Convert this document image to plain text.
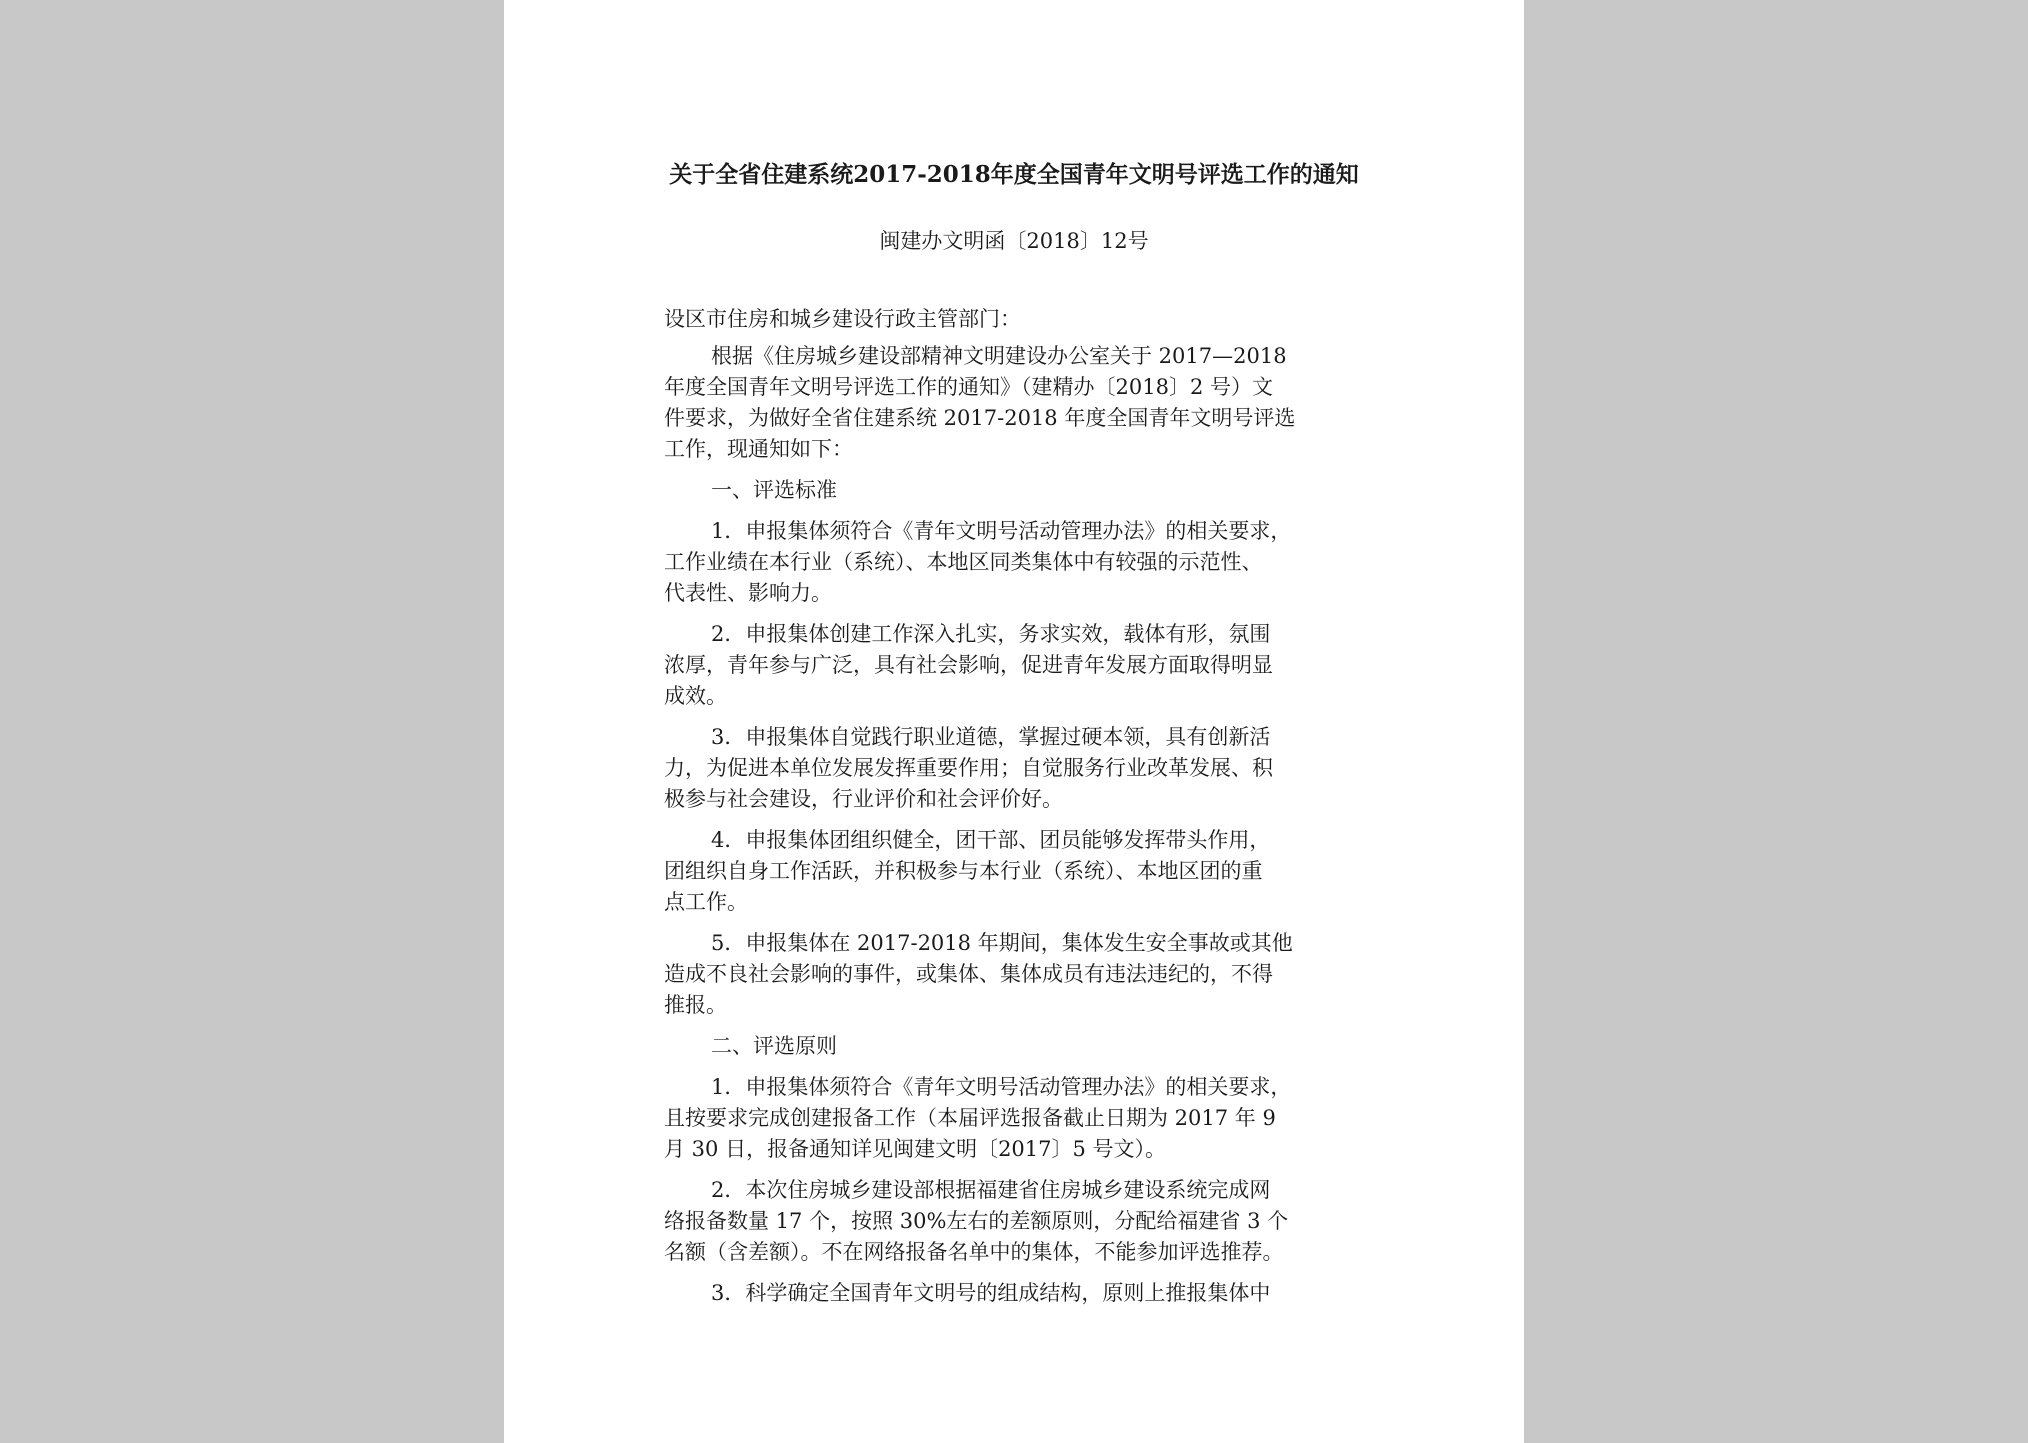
关于全省住建系统2017-2018年度全国青年文明号评选工作的通知
闽建办文明函〔2018〕12号
设区市住房和城乡建设行政主管部门：
根据《住房城乡建设部精神文明建设办公室关于 2017—2018
年度全国青年文明号评选工作的通知》（建精办〔2018〕2 号）文
件要求，为做好全省住建系统 2017-2018 年度全国青年文明号评选
工作，现通知如下：
一、评选标准
1．申报集体须符合《青年文明号活动管理办法》的相关要求，
工作业绩在本行业（系统）、本地区同类集体中有较强的示范性、
代表性、影响力。
2．申报集体创建工作深入扎实，务求实效，载体有形，氛围
浓厚，青年参与广泛，具有社会影响，促进青年发展方面取得明显
成效。
3．申报集体自觉践行职业道德，掌握过硬本领，具有创新活
力，为促进本单位发展发挥重要作用；自觉服务行业改革发展、积
极参与社会建设，行业评价和社会评价好。
4．申报集体团组织健全，团干部、团员能够发挥带头作用，
团组织自身工作活跃，并积极参与本行业（系统）、本地区团的重
点工作。
5．申报集体在 2017-2018 年期间，集体发生安全事故或其他
造成不良社会影响的事件，或集体、集体成员有违法违纪的，不得
推报。
二、评选原则
1．申报集体须符合《青年文明号活动管理办法》的相关要求，
且按要求完成创建报备工作（本届评选报备截止日期为 2017 年 9
月 30 日，报备通知详见闽建文明〔2017〕5 号文）。
2．本次住房城乡建设部根据福建省住房城乡建设系统完成网
络报备数量 17 个，按照 30%左右的差额原则，分配给福建省 3 个
名额（含差额）。不在网络报备名单中的集体，不能参加评选推荐。
3．科学确定全国青年文明号的组成结构，原则上推报集体中
